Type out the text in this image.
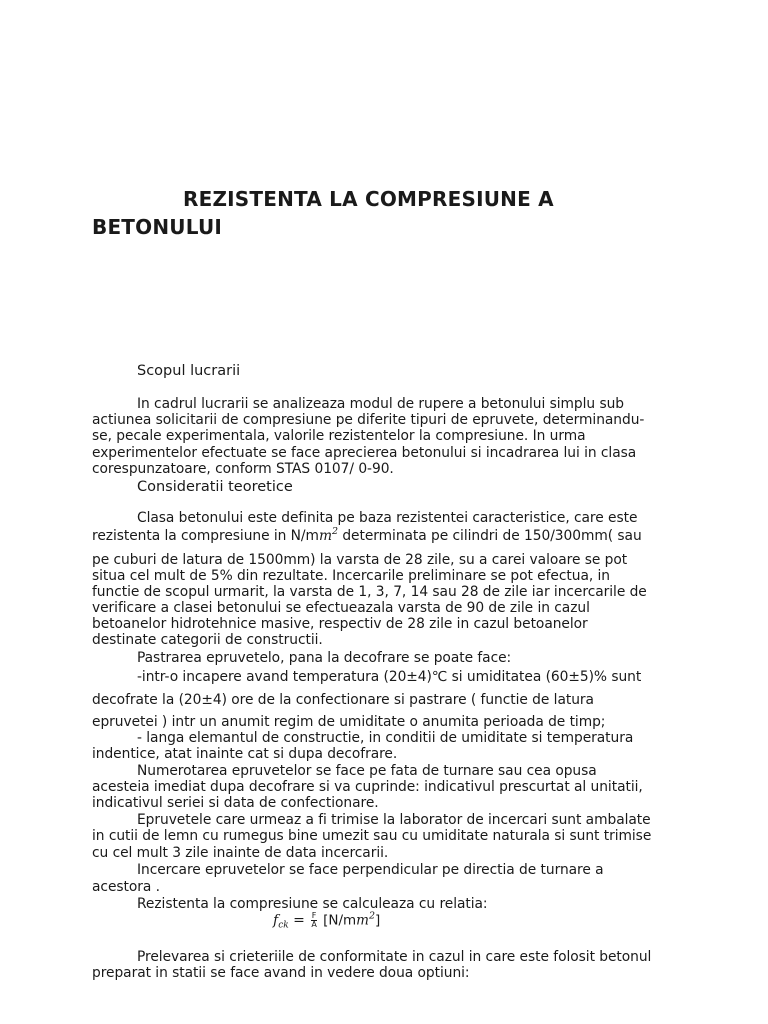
REZISTENTA LA COMPRESIUNE A
BETONULUI
Scopul lucrarii
In cadrul lucrarii se analizeaza modul de rupere a betonului simplu sub
actiunea solicitarii de compresiune pe diferite tipuri de epruvete, determinandu-
se, pecale experimentala, valorile rezistentelor la compresiune. In urma
experimentelor efectuate se face aprecierea betonului si incadrarea lui in clasa
corespunzatoare, conform STAS 0107/ 0-90.
Consideratii teoretice
Clasa betonului este definita pe baza rezistentei caracteristice, care este
rezistenta la compresiune in $N/mm^2$ determinata pe cilindri de 150/300mm( sau
pe cuburi de latura de 1500mm) la varsta de 28 zile, su a carei valoare se pot
situa cel mult de 5% din rezultate. Incercarile preliminare se pot efectua, in
functie de scopul urmarit, la varsta de 1, 3, 7, 14 sau 28 de zile iar incercarile de
verificare a clasei betonului se efectueazala varsta de 90 de zile in cazul
betoanelor hidrotehnice masive, respectiv de 28 zile in cazul betoanelor
destinate categorii de constructii.
Pastrarea epruvetelo, pana la decofrare se poate face:
-intr-o incapere avand temperatura (20±4)℃ si umiditatea (60±5)% sunt
decofrate la (20±4) ore de la confectionare si pastrare ( functie de latura
epruvetei ) intr un anumit regim de umiditate o anumita perioada de timp;
- langa elemantul de constructie, in conditii de umiditate si temperatura
indentice, atat inainte cat si dupa decofrare.
Numerotarea epruvetelor se face pe fata de turnare sau cea opusa
acesteia imediat dupa decofrare si va cuprinde: indicativul prescurtat al unitatii,
indicativul seriei si data de confectionare.
Epruvetele care urmeaz a fi trimise la laborator de incercari sunt ambalate
in cutii de lemn cu rumegus bine umezit sau cu umiditate naturala si sunt trimise
cu cel mult 3 zile inainte de data incercarii.
Incercare epruvetelor se face perpendicular pe directia de turnare a
acestora .
Rezistenta la compresiune se calculeaza cu relatia:
$f_{ck} = \frac{F}{A} [N/mm^2]$
Prelevarea si crieteriile de conformitate in cazul in care este folosit betonul
preparat in statii se face avand in vedere doua optiuni:
